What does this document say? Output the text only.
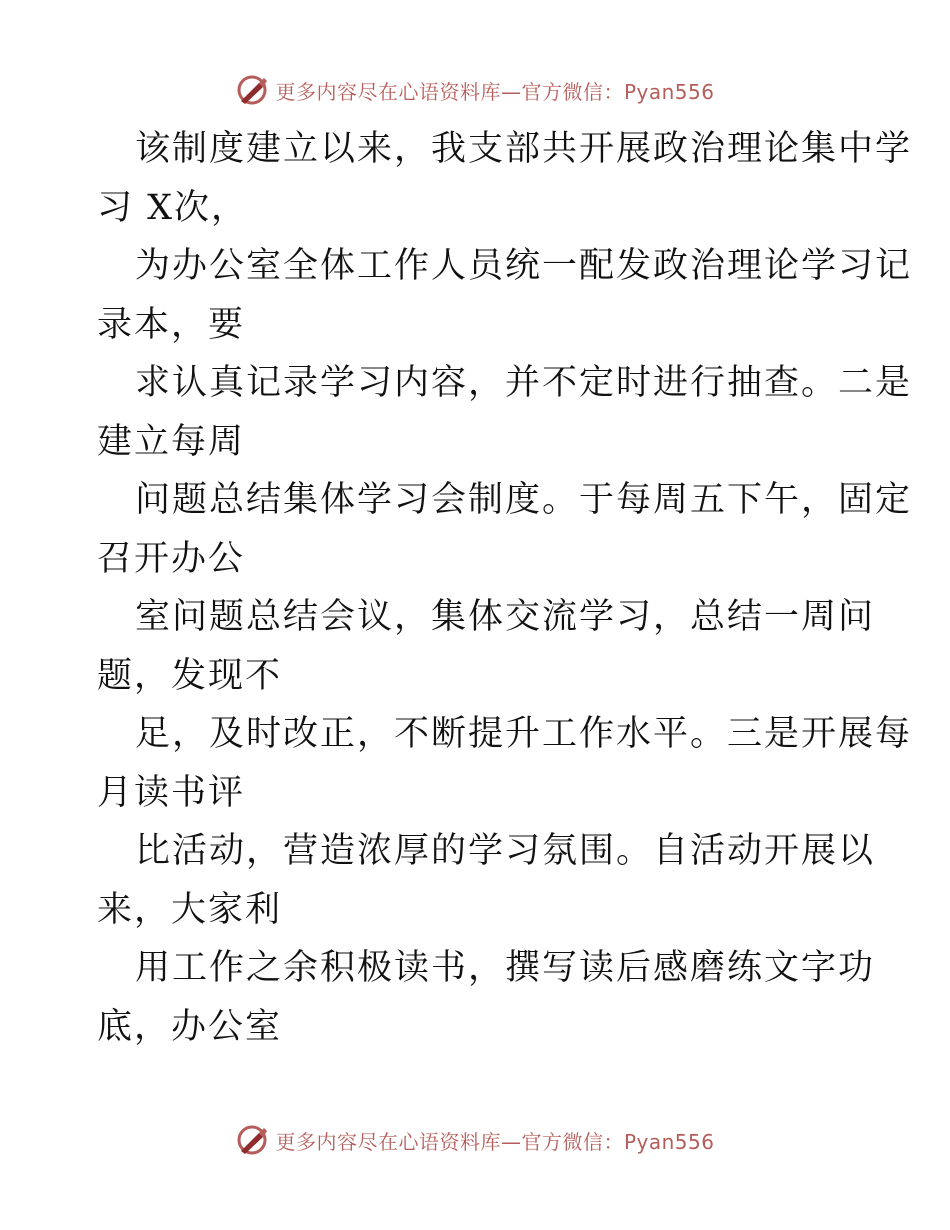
更多内容尽在心语资料库—官方微信：Pyan556
该制度建立以来，我支部共开展政治理论集中学
习 X次，
为办公室全体工作人员统一配发政治理论学习记
录本，要
求认真记录学习内容，并不定时进行抽查。二是
建立每周
问题总结集体学习会制度。于每周五下午，固定
召开办公
室问题总结会议，集体交流学习，总结一周问
题，发现不
足，及时改正，不断提升工作水平。三是开展每
月读书评
比活动，营造浓厚的学习氛围。自活动开展以
来，大家利
用工作之余积极读书，撰写读后感磨练文字功
底，办公室
更多内容尽在心语资料库—官方微信：Pyan556
